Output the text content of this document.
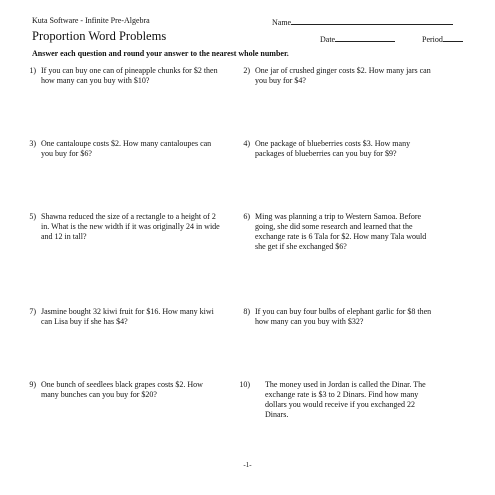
Kuta Software - Infinite Pre-Algebra	Name
Proportion Word Problems	Date	Period
Answer each question and round your answer to the nearest whole number.
1) If you can buy one can of pineapple chunks for $2 then how many can you buy with $10?
3) One cantaloupe costs $2. How many cantaloupes can you buy for $6?
5) Shawna reduced the size of a rectangle to a height of 2 in. What is the new width if it was originally 24 in wide and 12 in tall?
7) Jasmine bought 32 kiwi fruit for $16. How many kiwi can Lisa buy if she has $4?
9) One bunch of seedlees black grapes costs $2. How many bunches can you buy for $20?
2) One jar of crushed ginger costs $2. How many jars can you buy for $4?
4) One package of blueberries costs $3. How many packages of blueberries can you buy for $9?
6) Ming was planning a trip to Western Samoa. Before going, she did some research and learned that the exchange rate is 6 Tala for $2. How many Tala would she get if she exchanged $6?
8) If you can buy four bulbs of elephant garlic for $8 then how many can you buy with $32?
10) The money used in Jordan is called the Dinar. The exchange rate is $3 to 2 Dinars. Find how many dollars you would receive if you exchanged 22 Dinars.
-1-
